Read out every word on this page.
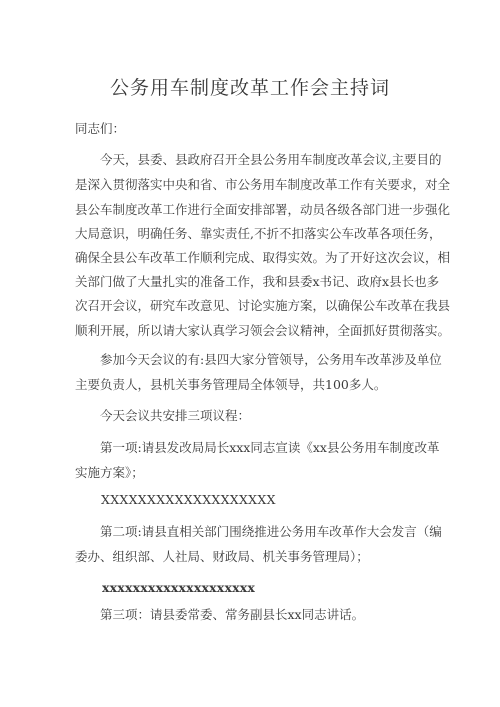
公务用车制度改革工作会主持词
同志们：
今天，县委、县政府召开全县公务用车制度改革会议,主要目的
是深入贯彻落实中央和省、市公务用车制度改革工作有关要求，对全
县公车制度改革工作进行全面安排部署，动员各级各部门进一步强化
大局意识，明确任务、靠实责任,不折不扣落实公车改革各项任务，
确保全县公车改革工作顺利完成、取得实效。为了开好这次会议，相
关部门做了大量扎实的准备工作，我和县委x书记、政府x县长也多
次召开会议，研究车改意见、讨论实施方案，以确保公车改革在我县
顺利开展，所以请大家认真学习领会会议精神，全面抓好贯彻落实。
参加今天会议的有:县四大家分管领导，公务用车改革涉及单位
主要负责人，县机关事务管理局全体领导，共100多人。
今天会议共安排三项议程：
第一项:请县发改局局长xxx同志宣读《xx县公务用车制度改革
实施方案》；
XXXXXXXXXXXXXXXXXXX
第二项:请县直相关部门围绕推进公务用车改革作大会发言（编
委办、组织部、人社局、财政局、机关事务管理局）；
xxxxxxxxxxxxxxxxxxxx
第三项：请县委常委、常务副县长xx同志讲话。
